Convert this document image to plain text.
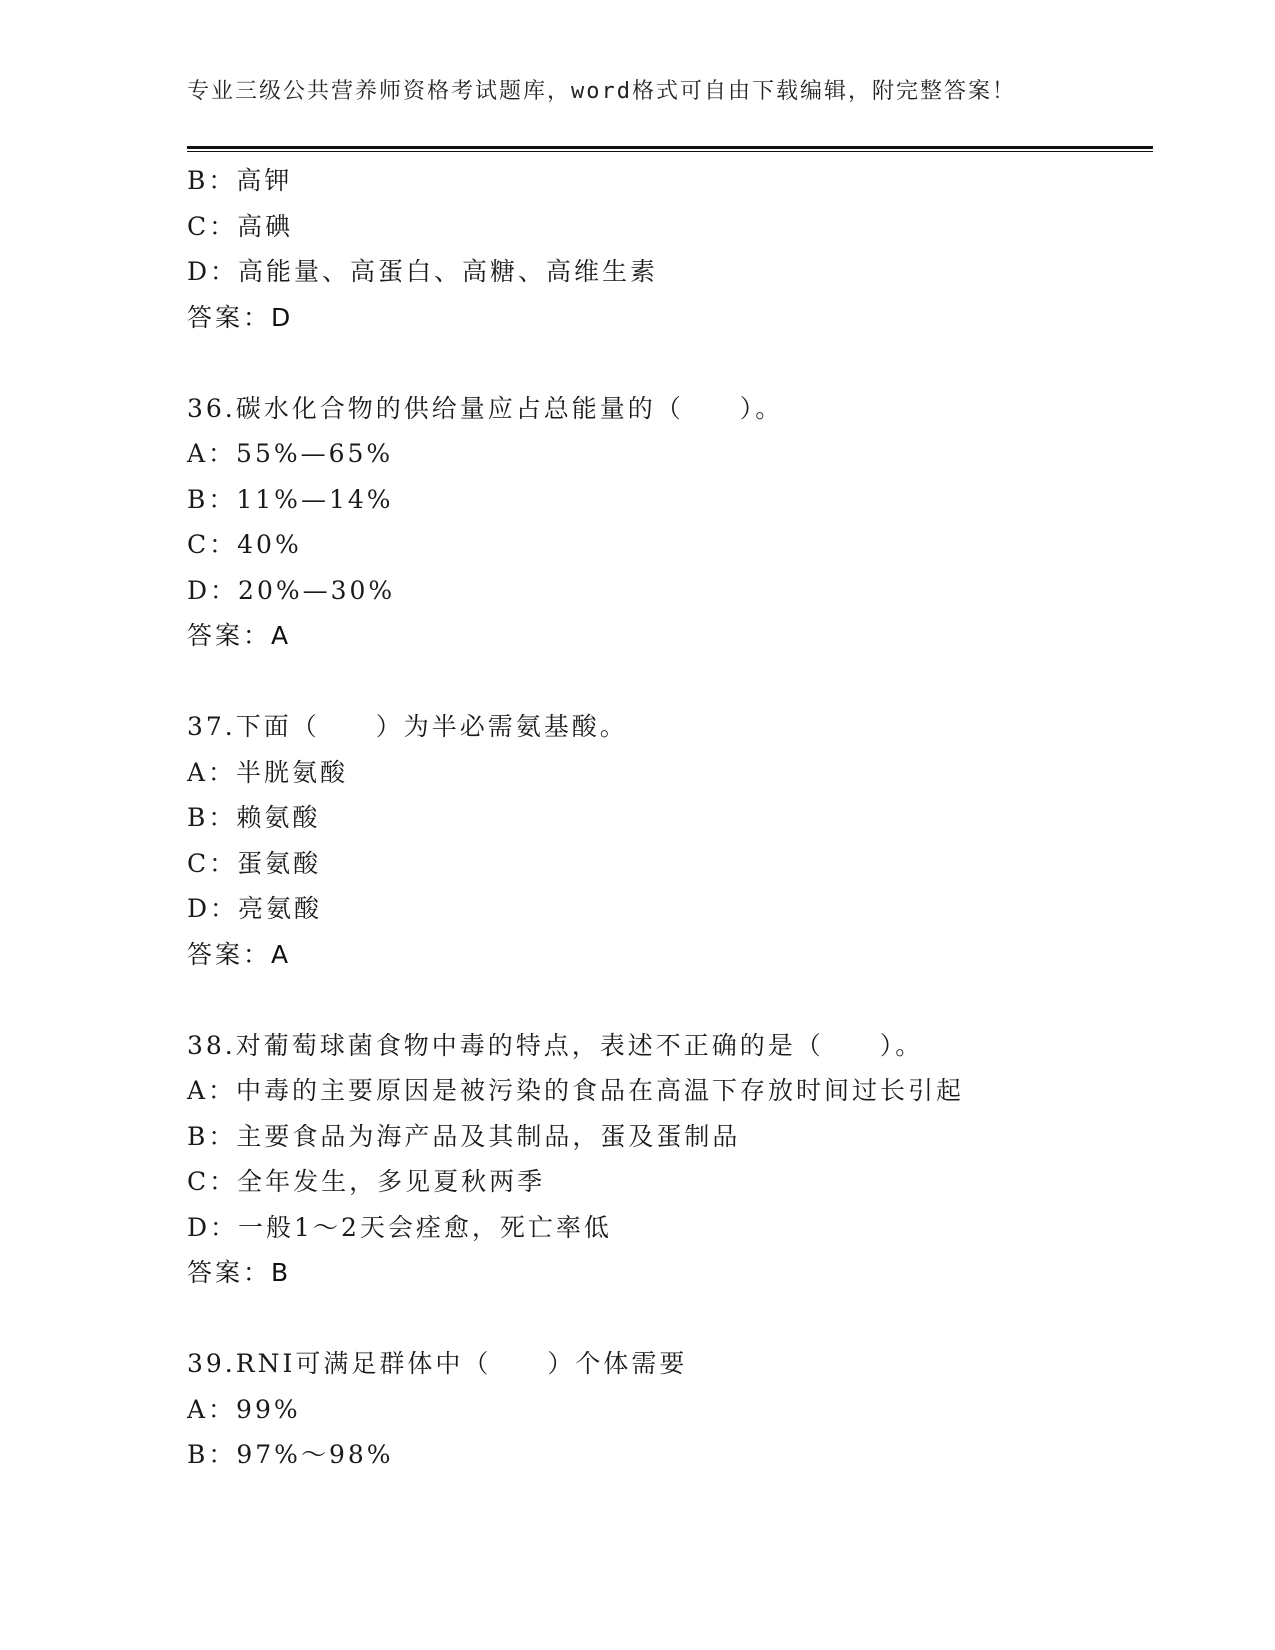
专业三级公共营养师资格考试题库，word格式可自由下载编辑，附完整答案！
B：高钾
C：高碘
D：高能量、高蛋白、高糖、高维生素
答案：D
36.碳水化合物的供给量应占总能量的（　　）。
A：55%—65%
B：11%—14%
C：40%
D：20%—30%
答案：A
37.下面（　　）为半必需氨基酸。
A：半胱氨酸
B：赖氨酸
C：蛋氨酸
D：亮氨酸
答案：A
38.对葡萄球菌食物中毒的特点，表述不正确的是（　　）。
A：中毒的主要原因是被污染的食品在高温下存放时间过长引起
B：主要食品为海产品及其制品，蛋及蛋制品
C：全年发生，多见夏秋两季
D：一般1～2天会痊愈，死亡率低
答案：B
39.RNI可满足群体中（　　）个体需要
A：99%
B：97%～98%
